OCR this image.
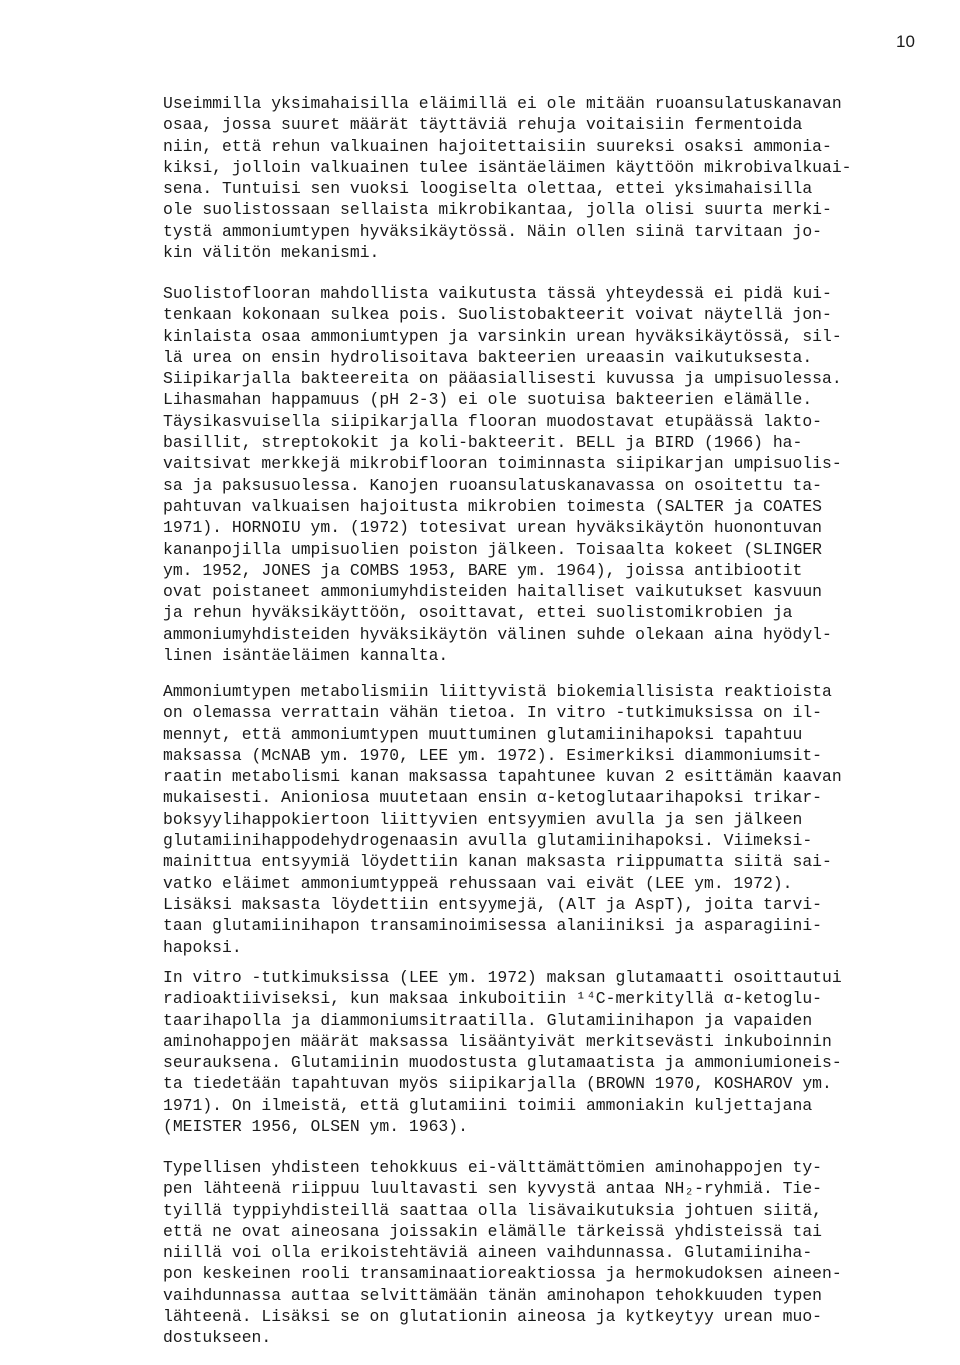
10
Useimmilla yksimahaisilla eläimillä ei ole mitään ruoansulatuskanavan
osaa, jossa suuret määrät täyttäviä rehuja voitaisiin fermentoida
niin, että rehun valkuainen hajoitettaisiin suureksi osaksi ammonia-
kiksi, jolloin valkuainen tulee isäntäeläimen käyttöön mikrobivalkuai-
sena. Tuntuisi sen vuoksi loogiselta olettaa, ettei yksimahaisilla
ole suolistossaan sellaista mikrobikantaa, jolla olisi suurta merki-
tystä ammoniumtypen hyväksikäytössä. Näin ollen siinä tarvitaan jo-
kin välitön mekanismi.
Suolistoflooran mahdollista vaikutusta tässä yhteydessä ei pidä kui-
tenkaan kokonaan sulkea pois. Suolistobakteerit voivat näytellä jon-
kinlaista osaa ammoniumtypen ja varsinkin urean hyväksikäytössä, sil-
lä urea on ensin hydrolisoitava bakteerien ureaasin vaikutuksesta.
Siipikarjalla bakteereita on pääasiallisesti kuvussa ja umpisuolessa.
Lihasmahan happamuus (pH 2-3) ei ole suotuisa bakteerien elämälle.
Täysikasvuisella siipikarjalla flooran muodostavat etupäässä lakto-
basillit, streptokokit ja koli-bakteerit. BELL ja BIRD (1966) ha-
vaitsivat merkkejä mikrobiflooran toiminnasta siipikarjan umpisuolis-
sa ja paksusuolessa. Kanojen ruoansulatuskanavassa on osoitettu ta-
pahtuvan valkuaisen hajoitusta mikrobien toimesta (SALTER ja COATES
1971). HORNOIU ym. (1972) totesivat urean hyväksikäytön huonontuvan
kananpojilla umpisuolien poiston jälkeen. Toisaalta kokeet (SLINGER
ym. 1952, JONES ja COMBS 1953, BARE ym. 1964), joissa antibiootit
ovat poistaneet ammoniumyhdisteiden haitalliset vaikutukset kasvuun
ja rehun hyväksikäyttöön, osoittavat, ettei suolistomikrobien ja
ammoniumyhdisteiden hyväksikäytön välinen suhde olekaan aina hyödyl-
linen isäntäeläimen kannalta.
Ammoniumtypen metabolismiin liittyvistä biokemiallisista reaktioista
on olemassa verrattain vähän tietoa. In vitro -tutkimuksissa on il-
mennyt, että ammoniumtypen muuttuminen glutamiinihapoksi tapahtuu
maksassa (McNAB ym. 1970, LEE ym. 1972). Esimerkiksi diammoniumsit-
raatin metabolismi kanan maksassa tapahtunee kuvan 2 esittämän kaavan
mukaisesti. Anioniosa muutetaan ensin α-ketoglutaarihapoksi trikar-
boksyylihappokiertoon liittyvien entsyymien avulla ja sen jälkeen
glutamiinihappodehydrogenaasin avulla glutamiinihapoksi. Viimeksi-
mainittua entsyymiä löydettiin kanan maksasta riippumatta siitä sai-
vatko eläimet ammoniumtyppeä rehussaan vai eivät (LEE ym. 1972).
Lisäksi maksasta löydettiin entsyymejä, (AlT ja AspT), joita tarvi-
taan glutamiinihapon transaminoimisessa alaniiniksi ja asparagiini-
hapoksi.
In vitro -tutkimuksissa (LEE ym. 1972) maksan glutamaatti osoittautui
radioaktiiviseksi, kun maksaa inkuboitiin ¹⁴C-merkityllä α-ketoglu-
taarihapolla ja diammoniumsitraatilla. Glutamiinihapon ja vapaiden
aminohappojen määrät maksassa lisääntyivät merkitsevästi inkuboinnin
seurauksena. Glutamiinin muodostusta glutamaatista ja ammoniumioneis-
ta tiedetään tapahtuvan myös siipikarjalla (BROWN 1970, KOSHAROV ym.
1971). On ilmeistä, että glutamiini toimii ammoniakin kuljettajana
(MEISTER 1956, OLSEN ym. 1963).
Typellisen yhdisteen tehokkuus ei-välttämättömien aminohappojen ty-
pen lähteenä riippuu luultavasti sen kyvystä antaa NH₂-ryhmiä. Tie-
tyillä typpiyhdisteillä saattaa olla lisävaikutuksia johtuen siitä,
että ne ovat aineosana joissakin elämälle tärkeissä yhdisteissä tai
niillä voi olla erikoistehtäviä aineen vaihdunnassa. Glutamiiniha-
pon keskeinen rooli transaminaatioreaktiossa ja hermokudoksen aineen-
vaihdunnassa auttaa selvittämään tänän aminohapon tehokkuuden typen
lähteenä. Lisäksi se on glutationin aineosa ja kytkeytyy urean muo-
dostukseen.
